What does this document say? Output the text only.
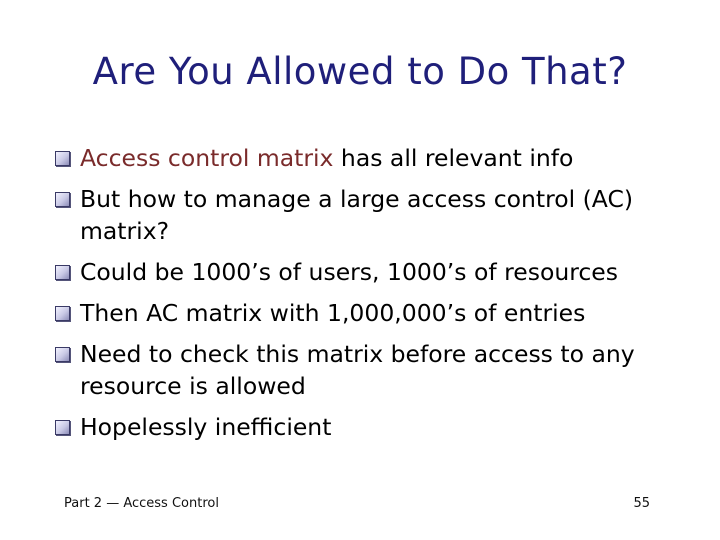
Are You Allowed to Do That?
Access control matrix has all relevant info
But how to manage a large access control (AC) matrix?
Could be 1000’s of users, 1000’s of resources
Then AC matrix with 1,000,000’s of entries
Need to check this matrix before access to any resource is allowed
Hopelessly inefficient
Part 2 — Access Control	55
